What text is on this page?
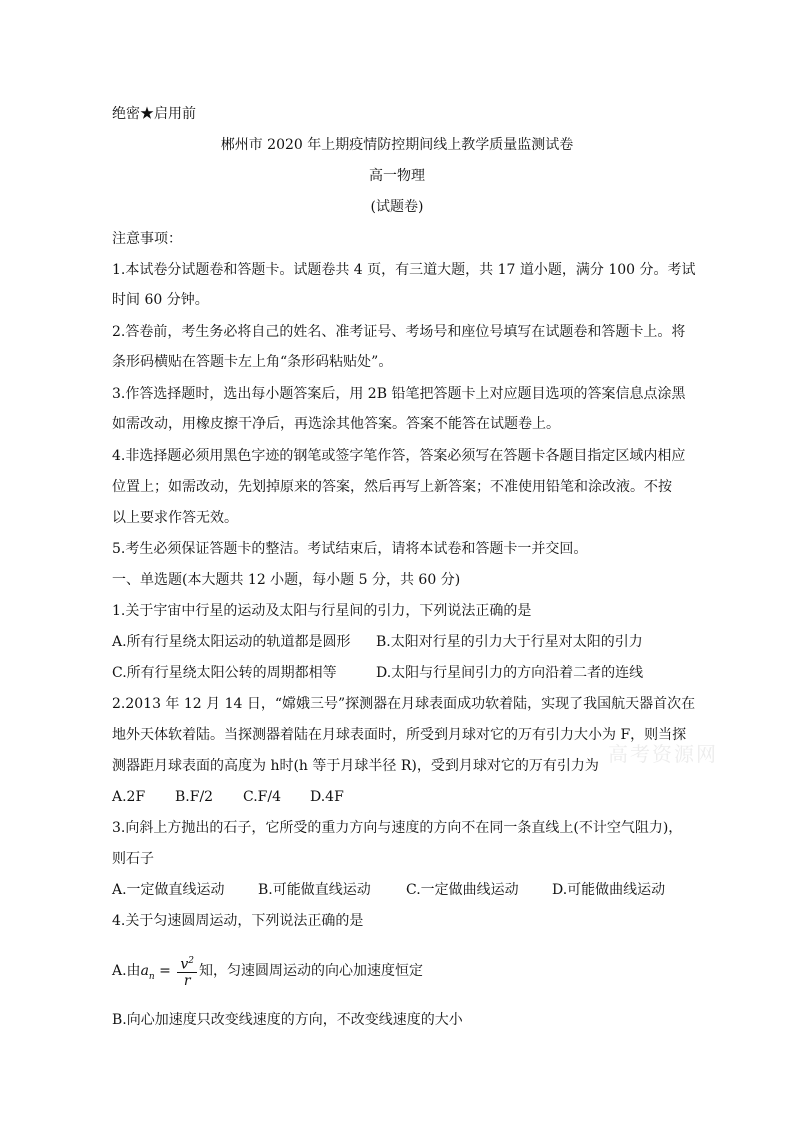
绝密★启用前
郴州市 2020 年上期疫情防控期间线上教学质量监测试卷
高一物理
(试题卷)
注意事项：
1.本试卷分试题卷和答题卡。试题卷共 4 页，有三道大题，共 17 道小题，满分 100 分。考试
时间 60 分钟。
2.答卷前，考生务必将自己的姓名、准考证号、考场号和座位号填写在试题卷和答题卡上。将
条形码横贴在答题卡左上角“条形码粘贴处”。
3.作答选择题时，选出每小题答案后，用 2B 铅笔把答题卡上对应题目选项的答案信息点涂黑
如需改动，用橡皮擦干净后，再选涂其他答案。答案不能答在试题卷上。
4.非选择题必须用黑色字迹的钢笔或签字笔作答，答案必须写在答题卡各题目指定区域内相应
位置上；如需改动，先划掉原来的答案，然后再写上新答案；不准使用铅笔和涂改液。不按
以上要求作答无效。
5.考生必须保证答题卡的整洁。考试结束后，请将本试卷和答题卡一并交回。
一、单选题(本大题共 12 小题，每小题 5 分，共 60 分)
1.关于宇宙中行星的运动及太阳与行星间的引力，下列说法正确的是
A.所有行星绕太阳运动的轨道都是圆形 B.太阳对行星的引力大于行星对太阳的引力
C.所有行星绕太阳公转的周期都相等	D.太阳与行星间引力的方向沿着二者的连线
2.2013 年 12 月 14 日，“嫦娥三号”探测器在月球表面成功软着陆，实现了我国航天器首次在
地外天体软着陆。当探测器着陆在月球表面时，所受到月球对它的万有引力大小为 F，则当探
测器距月球表面的高度为 h时(h 等于月球半径 R)，受到月球对它的万有引力为
A.2F B.F/2 C.F/4 D.4F
3.向斜上方抛出的石子，它所受的重力方向与速度的方向不在同一条直线上(不计空气阻力)，
则石子
A.一定做直线运动 B.可能做直线运动	C.一定做曲线运动 D.可能做曲线运动
4.关于匀速圆周运动，下列说法正确的是
A.由$a_n = \frac{v^2}{r}$ 知，匀速圆周运动的向心加速度恒定
B.向心加速度只改变线速度的方向，不改变线速度的大小
高考资源网
